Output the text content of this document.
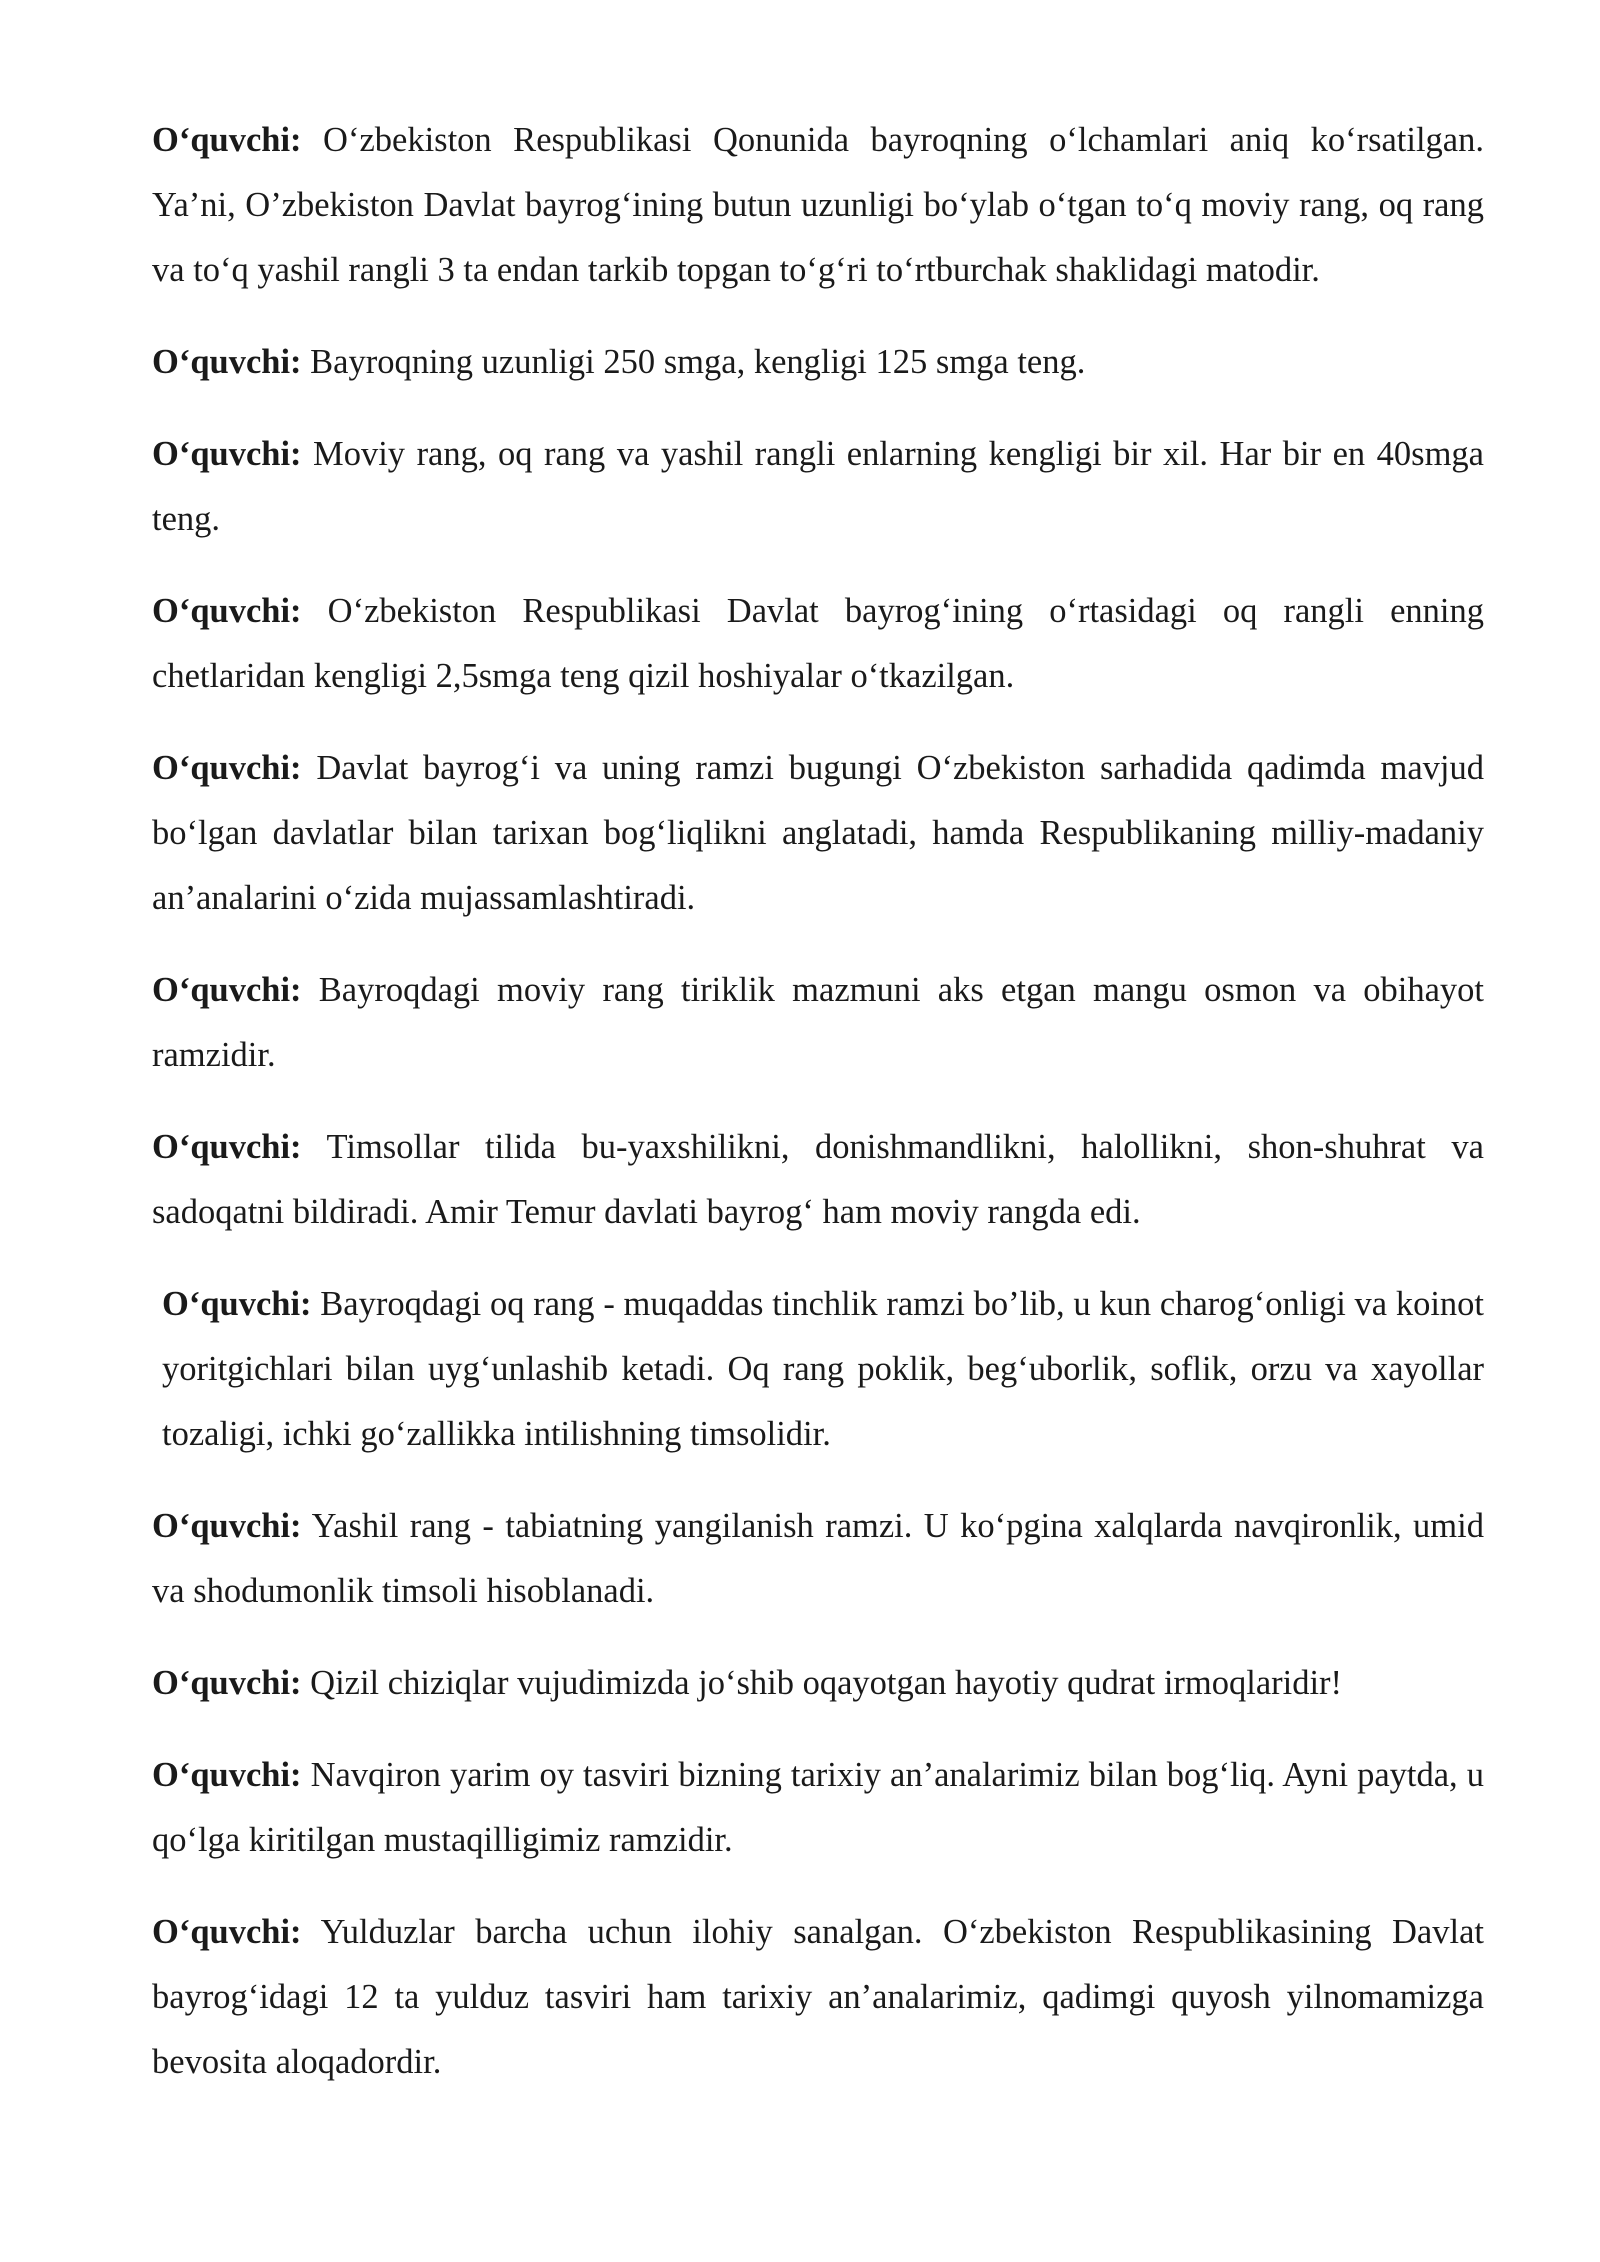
O‘quvchi: O‘zbekiston Respublikasi Qonunida bayroqning o‘lchamlari aniq ko‘rsatilgan. Ya’ni, O’zbekiston Davlat bayrog‘ining butun uzunligi bo‘ylab o‘tgan to‘q moviy rang, oq rang va to‘q yashil rangli 3 ta endan tarkib topgan to‘g‘ri to‘rtburchak shaklidagi matodir.

O‘quvchi: Bayroqning uzunligi 250 smga, kengligi 125 smga teng.

O‘quvchi: Moviy rang, oq rang va yashil rangli enlarning kengligi bir xil. Har bir en 40smga teng.

O‘quvchi: O‘zbekiston Respublikasi Davlat bayrog‘ining o‘rtasidagi oq rangli enning chetlaridan kengligi 2,5smga teng qizil hoshiyalar o‘tkazilgan.

O‘quvchi: Davlat bayrog‘i va uning ramzi bugungi O‘zbekiston sarhadida qadimda mavjud bo‘lgan davlatlar bilan tarixan bog‘liqlikni anglatadi, hamda Respublikaning milliy-madaniy an’analarini o‘zida mujassamlashtiradi.

O‘quvchi: Bayroqdagi moviy rang tiriklik mazmuni aks etgan mangu osmon va obihayot ramzidir.

O‘quvchi: Timsollar tilida bu-yaxshilikni, donishmandlikni, halollikni, shon-shuhrat va sadoqatni bildiradi. Amir Temur davlati bayrog‘ ham moviy rangda edi.

O‘quvchi: Bayroqdagi oq rang - muqaddas tinchlik ramzi bo’lib, u kun charog‘onligi va koinot yoritgichlari bilan uyg‘unlashib ketadi. Oq rang poklik, beg‘uborlik, soflik, orzu va xayollar tozaligi, ichki go‘zallikka intilishning timsolidir.

O‘quvchi: Yashil rang - tabiatning yangilanish ramzi. U ko‘pgina xalqlarda navqironlik, umid va shodumonlik timsoli hisoblanadi.

O‘quvchi: Qizil chiziqlar vujudimizda jo‘shib oqayotgan hayotiy qudrat irmoqlaridir!

O‘quvchi: Navqiron yarim oy tasviri bizning tarixiy an’analarimiz bilan bog‘liq. Ayni paytda, u qo‘lga kiritilgan mustaqilligimiz ramzidir.

O‘quvchi: Yulduzlar barcha uchun ilohiy sanalgan. O‘zbekiston Respublikasining Davlat bayrog‘idagi 12 ta yulduz tasviri ham tarixiy an’analarimiz, qadimgi quyosh yilnomamizga bevosita aloqadordir.
